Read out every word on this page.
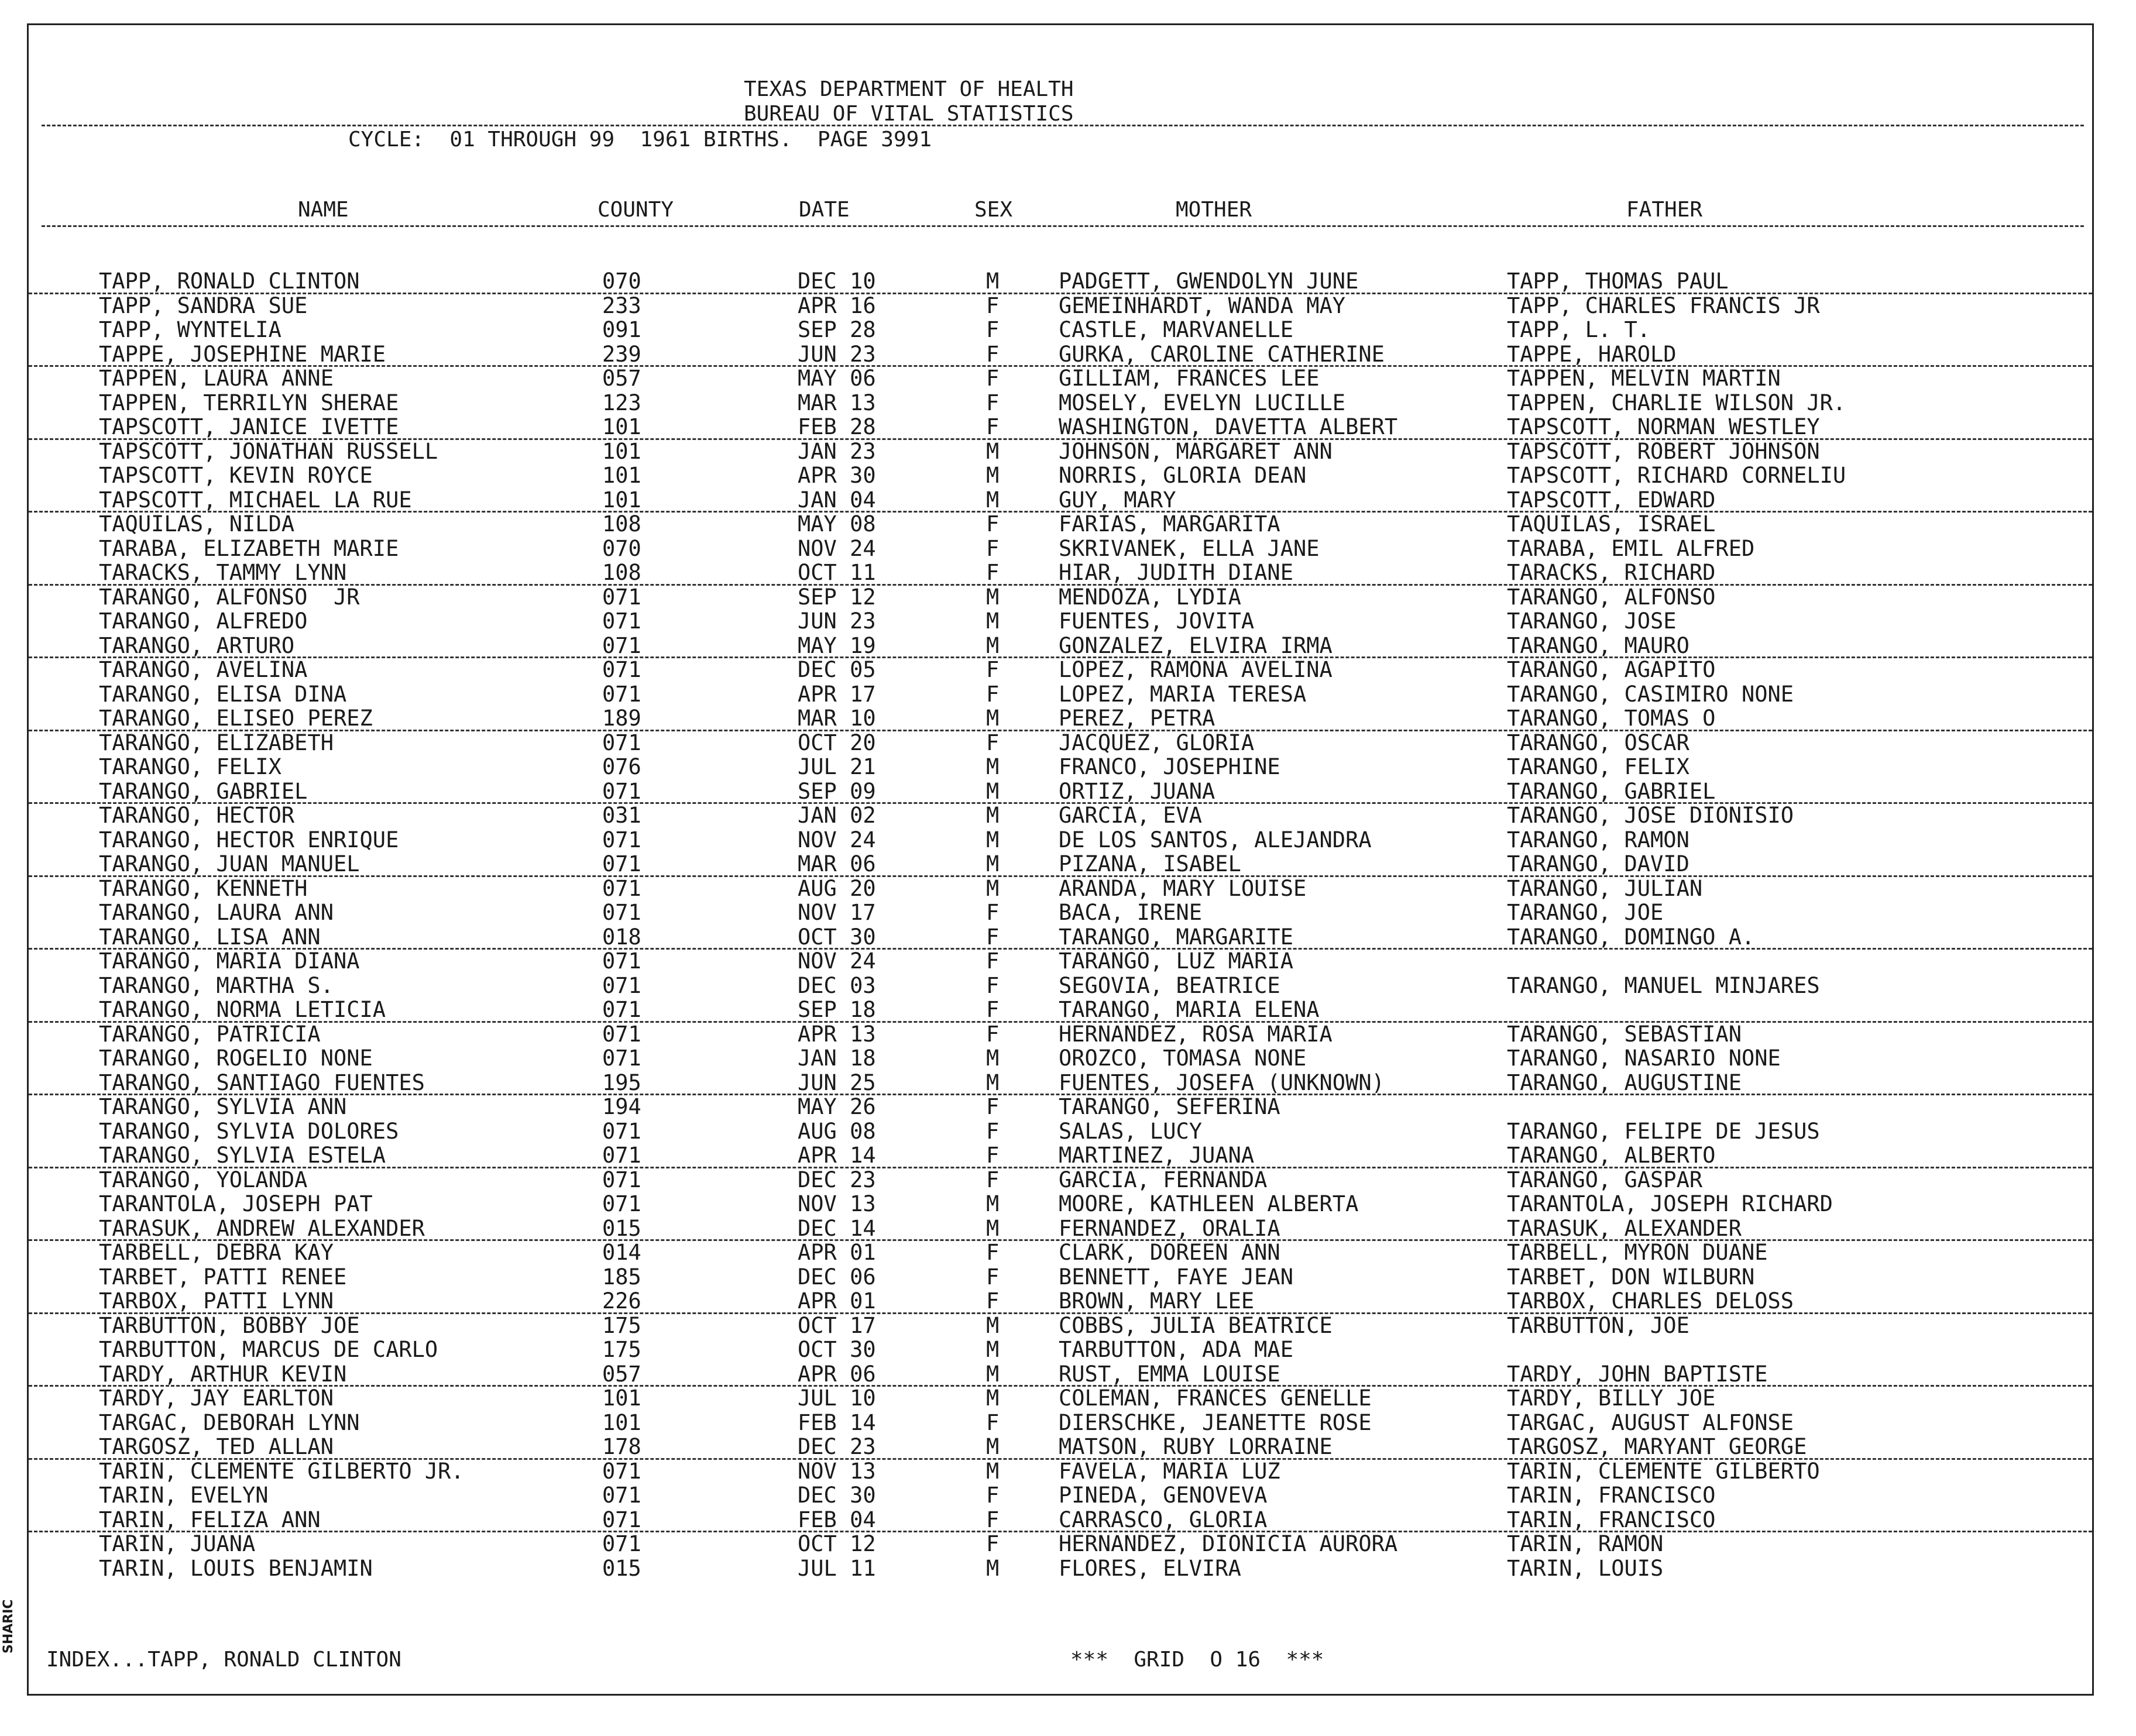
TEXAS DEPARTMENT OF HEALTH
BUREAU OF VITAL STATISTICS
CYCLE:  01 THROUGH 99  1961 BIRTHS.  PAGE 3991
NAME	COUNTY	DATE	SEX	MOTHER	FATHER
TAPP, RONALD CLINTON	070	DEC 10	M	PADGETT, GWENDOLYN JUNE	TAPP, THOMAS PAUL
TAPP, SANDRA SUE	233	APR 16	F	GEMEINHARDT, WANDA MAY	TAPP, CHARLES FRANCIS JR
TAPP, WYNTELIA	091	SEP 28	F	CASTLE, MARVANELLE	TAPP, L. T.
TAPPE, JOSEPHINE MARIE	239	JUN 23	F	GURKA, CAROLINE CATHERINE	TAPPE, HAROLD
TAPPEN, LAURA ANNE	057	MAY 06	F	GILLIAM, FRANCES LEE	TAPPEN, MELVIN MARTIN
TAPPEN, TERRILYN SHERAE	123	MAR 13	F	MOSELY, EVELYN LUCILLE	TAPPEN, CHARLIE WILSON JR.
TAPSCOTT, JANICE IVETTE	101	FEB 28	F	WASHINGTON, DAVETTA ALBERT	TAPSCOTT, NORMAN WESTLEY
TAPSCOTT, JONATHAN RUSSELL	101	JAN 23	M	JOHNSON, MARGARET ANN	TAPSCOTT, ROBERT JOHNSON
TAPSCOTT, KEVIN ROYCE	101	APR 30	M	NORRIS, GLORIA DEAN	TAPSCOTT, RICHARD CORNELIU
TAPSCOTT, MICHAEL LA RUE	101	JAN 04	M	GUY, MARY	TAPSCOTT, EDWARD
TAQUILAS, NILDA	108	MAY 08	F	FARIAS, MARGARITA	TAQUILAS, ISRAEL
TARABA, ELIZABETH MARIE	070	NOV 24	F	SKRIVANEK, ELLA JANE	TARABA, EMIL ALFRED
TARACKS, TAMMY LYNN	108	OCT 11	F	HIAR, JUDITH DIANE	TARACKS, RICHARD
TARANGO, ALFONSO  JR	071	SEP 12	M	MENDOZA, LYDIA	TARANGO, ALFONSO
TARANGO, ALFREDO	071	JUN 23	M	FUENTES, JOVITA	TARANGO, JOSE
TARANGO, ARTURO	071	MAY 19	M	GONZALEZ, ELVIRA IRMA	TARANGO, MAURO
TARANGO, AVELINA	071	DEC 05	F	LOPEZ, RAMONA AVELINA	TARANGO, AGAPITO
TARANGO, ELISA DINA	071	APR 17	F	LOPEZ, MARIA TERESA	TARANGO, CASIMIRO NONE
TARANGO, ELISEO PEREZ	189	MAR 10	M	PEREZ, PETRA	TARANGO, TOMAS O
TARANGO, ELIZABETH	071	OCT 20	F	JACQUEZ, GLORIA	TARANGO, OSCAR
TARANGO, FELIX	076	JUL 21	M	FRANCO, JOSEPHINE	TARANGO, FELIX
TARANGO, GABRIEL	071	SEP 09	M	ORTIZ, JUANA	TARANGO, GABRIEL
TARANGO, HECTOR	031	JAN 02	M	GARCIA, EVA	TARANGO, JOSE DIONISIO
TARANGO, HECTOR ENRIQUE	071	NOV 24	M	DE LOS SANTOS, ALEJANDRA	TARANGO, RAMON
TARANGO, JUAN MANUEL	071	MAR 06	M	PIZANA, ISABEL	TARANGO, DAVID
TARANGO, KENNETH	071	AUG 20	M	ARANDA, MARY LOUISE	TARANGO, JULIAN
TARANGO, LAURA ANN	071	NOV 17	F	BACA, IRENE	TARANGO, JOE
TARANGO, LISA ANN	018	OCT 30	F	TARANGO, MARGARITE	TARANGO, DOMINGO A.
TARANGO, MARIA DIANA	071	NOV 24	F	TARANGO, LUZ MARIA
TARANGO, MARTHA S.	071	DEC 03	F	SEGOVIA, BEATRICE	TARANGO, MANUEL MINJARES
TARANGO, NORMA LETICIA	071	SEP 18	F	TARANGO, MARIA ELENA
TARANGO, PATRICIA	071	APR 13	F	HERNANDEZ, ROSA MARIA	TARANGO, SEBASTIAN
TARANGO, ROGELIO NONE	071	JAN 18	M	OROZCO, TOMASA NONE	TARANGO, NASARIO NONE
TARANGO, SANTIAGO FUENTES	195	JUN 25	M	FUENTES, JOSEFA (UNKNOWN)	TARANGO, AUGUSTINE
TARANGO, SYLVIA ANN	194	MAY 26	F	TARANGO, SEFERINA
TARANGO, SYLVIA DOLORES	071	AUG 08	F	SALAS, LUCY	TARANGO, FELIPE DE JESUS
TARANGO, SYLVIA ESTELA	071	APR 14	F	MARTINEZ, JUANA	TARANGO, ALBERTO
TARANGO, YOLANDA	071	DEC 23	F	GARCIA, FERNANDA	TARANGO, GASPAR
TARANTOLA, JOSEPH PAT	071	NOV 13	M	MOORE, KATHLEEN ALBERTA	TARANTOLA, JOSEPH RICHARD
TARASUK, ANDREW ALEXANDER	015	DEC 14	M	FERNANDEZ, ORALIA	TARASUK, ALEXANDER
TARBELL, DEBRA KAY	014	APR 01	F	CLARK, DOREEN ANN	TARBELL, MYRON DUANE
TARBET, PATTI RENEE	185	DEC 06	F	BENNETT, FAYE JEAN	TARBET, DON WILBURN
TARBOX, PATTI LYNN	226	APR 01	F	BROWN, MARY LEE	TARBOX, CHARLES DELOSS
TARBUTTON, BOBBY JOE	175	OCT 17	M	COBBS, JULIA BEATRICE	TARBUTTON, JOE
TARBUTTON, MARCUS DE CARLO	175	OCT 30	M	TARBUTTON, ADA MAE
TARDY, ARTHUR KEVIN	057	APR 06	M	RUST, EMMA LOUISE	TARDY, JOHN BAPTISTE
TARDY, JAY EARLTON	101	JUL 10	M	COLEMAN, FRANCES GENELLE	TARDY, BILLY JOE
TARGAC, DEBORAH LYNN	101	FEB 14	F	DIERSCHKE, JEANETTE ROSE	TARGAC, AUGUST ALFONSE
TARGOSZ, TED ALLAN	178	DEC 23	M	MATSON, RUBY LORRAINE	TARGOSZ, MARYANT GEORGE
TARIN, CLEMENTE GILBERTO JR.	071	NOV 13	M	FAVELA, MARIA LUZ	TARIN, CLEMENTE GILBERTO
TARIN, EVELYN	071	DEC 30	F	PINEDA, GENOVEVA	TARIN, FRANCISCO
TARIN, FELIZA ANN	071	FEB 04	F	CARRASCO, GLORIA	TARIN, FRANCISCO
TARIN, JUANA	071	OCT 12	F	HERNANDEZ, DIONICIA AURORA	TARIN, RAMON
TARIN, LOUIS BENJAMIN	015	JUL 11	M	FLORES, ELVIRA	TARIN, LOUIS
INDEX...TAPP, RONALD CLINTON	***  GRID  O 16  ***
SHARIC
